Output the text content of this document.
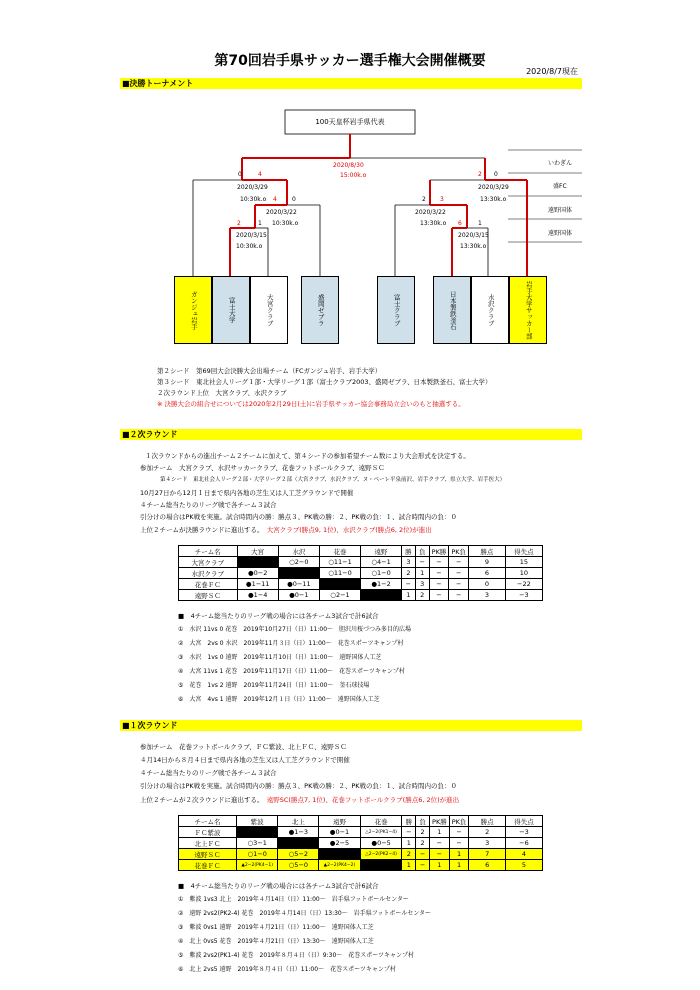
第70回岩手県サッカー選手権大会開催概要
2020/8/7現在
■決勝トーナメント
100天皇杯岩手県代表
2020/8/30
15:00k.o
0	4	2 0
2020/3/29
10:30k.o 4	0
2020/3/29
13:30k.o
2020/3/22
10:30k.o
2	1
2 3
2020/3/22
13:30k.o 6	1
2020/3/15
10:30k.o
2020/3/15
13:30k.o
いわぎん
盛FC
遠野国体
遠野国体
ガンジュ岩手	富士大学	大宮クラブ	盛岡ゼブラ	富士クラブ	日本製鉄釜石	水沢クラブ	岩手大学サッカー部
第２シード　第69回大会決勝大会出場チーム（FCガンジュ岩手、岩手大学）
第３シード　東北社会人リーグ１部・大学リーグ１部（富士クラブ2003、盛岡ゼブラ、日本製鉄釜石、富士大学）
２次ラウンド上位　大宮クラブ、水沢クラブ
※ 決勝大会の組合せについては2020年2月29日(土)に岩手県サッカー協会事務局立会いのもと抽選する。
■２次ラウンド
１次ラウンドからの進出チーム２チームに加えて、第４シードの参加希望チーム数により大会形式を決定する。
参加チーム　大宮クラブ、水沢サッカークラブ、花巻フットボールクラブ、遠野ＳＣ
第４シード　東北社会人リーグ２部・大学リーグ２部（大宮クラブ、水沢クラブ、ヌ・ベーレ平泉前沢、岩手クラブ、県立大学、岩手医大）
10月27日から12月１日まで県内各地の芝生又は人工芝グラウンドで開催
４チーム総当たりのリーグ戦で各チーム３試合
引分けの場合はPK戦を実施。試合時間内の勝：勝点３、PK戦の勝：２、PK戦の負：１、試合時間内の負：０
上位２チームが決勝ラウンドに進出する。　 大宮クラブ(勝点9, 1位)、水沢クラブ(勝点6, 2位)が進出
チーム名	大宮	水沢	花巻	遠野	勝	負	PK勝	PK負	勝点	得失点
大宮クラブ		○2−0	○11−1	○4−1	3	−	−	−	9	15
水沢クラブ	●0−2		○11−0	○1−0	2	1	−	−	6	10
花巻ＦＣ	●1−11	●0−11		●1−2	−	3	−	−	0	−22
遠野ＳＣ	●1−4	●0−1	○2−1		1	2	−	−	3	−3
■　4チーム総当たりのリーグ戦の場合には各チーム3試合で計6試合
①　水沢 11vs 0 花巻　2019年10月27日（日）11:00〜　胆沢川桜づつみ多目的広場
②　大宮　2vs 0 水沢　2019年11月３日（日）11:00〜　花巻スポーツキャンプ村
③　水沢　1vs 0 遠野　2019年11月10日（日）11:00〜　遠野国体人工芝
④　大宮 11vs 1 花巻　2019年11月17日（日）11:00〜　花巻スポーツキャンプ村
⑤　花巻　1vs 2 遠野　2019年11月24日（日）11:00〜　釜石球技場
⑥　大宮　4vs 1 遠野　2019年12月１日（日）11:00〜　遠野国体人工芝
■１次ラウンド
参加チーム　花巻フットボールクラブ、ＦＣ紫波、北上ＦＣ、遠野ＳＣ
４月14日から８月４日まで県内各地の芝生又は人工芝グラウンドで開催
４チーム総当たりのリーグ戦で各チーム３試合
引分けの場合はPK戦を実施。試合時間内の勝：勝点３、PK戦の勝：２、PK戦の負：１、試合時間内の負：０
上位２チームが２次ラウンドに進出する。　 遠野SC(勝点7, 1位)、花巻フットボールクラブ(勝点6, 2位)が進出
チーム名	紫波	北上	遠野	花巻	勝	負	PK勝	PK負	勝点	得失点
ＦＣ紫波		●1−3	●0−1	△2−2(PK1−4)	−	2	1	−	2	−3
北上ＦＣ	○3−1		●2−5	●0−5	1	2	−	−	3	−6
遠野ＳＣ	○1−0	○5−2		△2−2(PK2−4)	2	−	−	1	7	4
花巻ＦＣ	▲2−2(PK4−1)	○5−0	▲2−2(PK4−2)		1	−	1	1	6	5
■　4チーム総当たりのリーグ戦の場合には各チーム3試合で計6試合
①　紫波 1vs3 北上　2019年４月14日（日）11:00〜　岩手県フットボールセンター
②　遠野 2vs2(PK2-4) 花巻　2019年４月14日（日）13:30〜　岩手県フットボールセンター
③　紫波 0vs1 遠野　2019年４月21日（日）11:00〜　遠野国体人工芝
④　北上 0vs5 花巻　2019年４月21日（日）13:30〜　遠野国体人工芝
⑤　紫波 2vs2(PK1-4) 花巻　2019年８月４日（日）9:30〜　花巻スポーツキャンプ村
⑥　北上 2vs5 遠野　2019年８月４日（日）11:00〜　花巻スポーツキャンプ村
